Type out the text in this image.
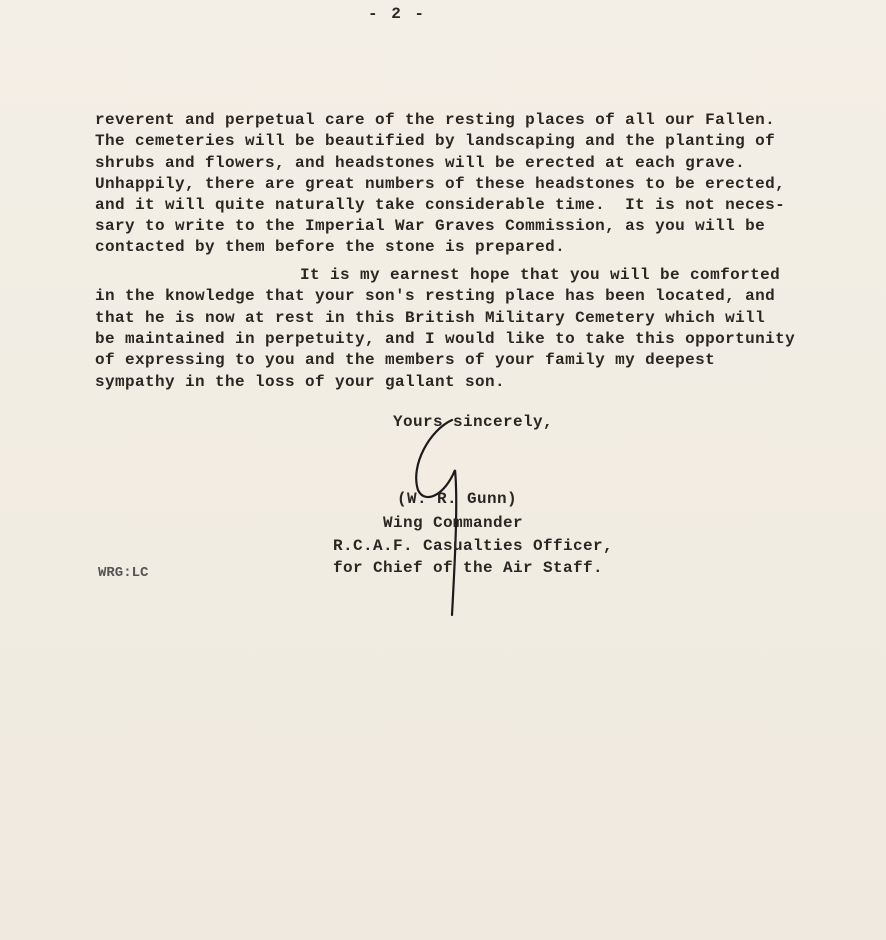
- 2 -
reverent and perpetual care of the resting places of all our Fallen.
The cemeteries will be beautified by landscaping and the planting of
shrubs and flowers, and headstones will be erected at each grave.
Unhappily, there are great numbers of these headstones to be erected,
and it will quite naturally take considerable time.  It is not neces-
sary to write to the Imperial War Graves Commission, as you will be
contacted by them before the stone is prepared.
It is my earnest hope that you will be comforted
in the knowledge that your son's resting place has been located, and
that he is now at rest in this British Military Cemetery which will
be maintained in perpetuity, and I would like to take this opportunity
of expressing to you and the members of your family my deepest
sympathy in the loss of your gallant son.
Yours sincerely,
(W. R. Gunn)
Wing Commander
R.C.A.F. Casualties Officer,
for Chief of the Air Staff.
WRG:LC
